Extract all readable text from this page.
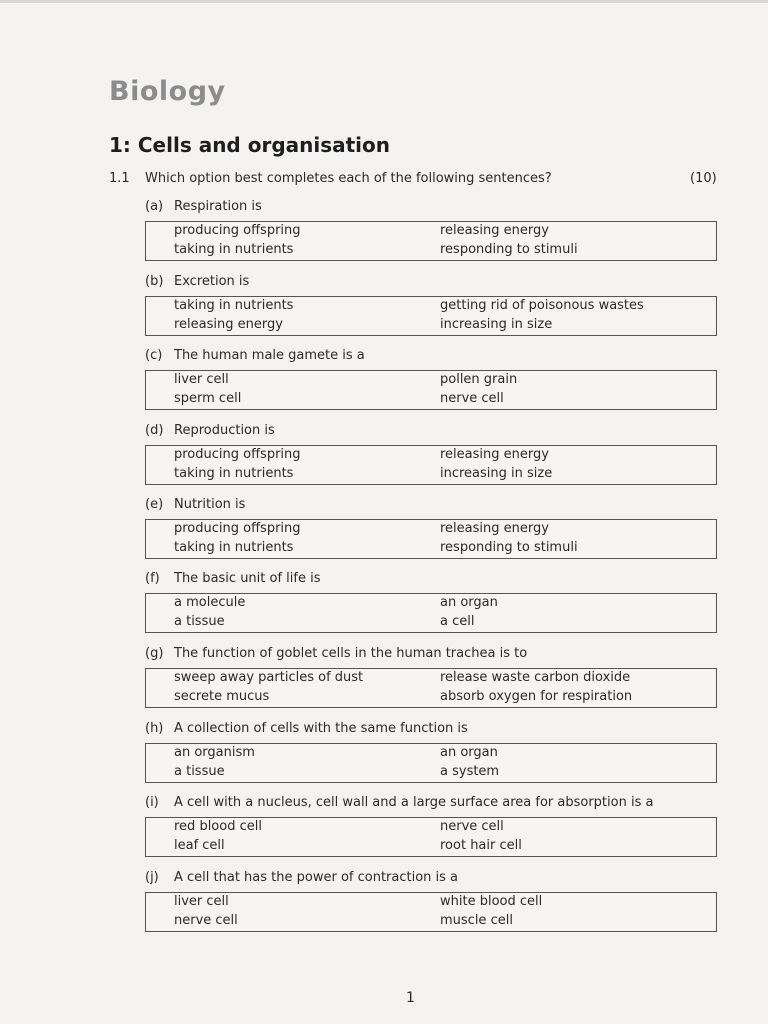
Biology
1: Cells and organisation
1.1 Which option best completes each of the following sentences?	(10)
(a) Respiration is
producing offspring
taking in nutrients
releasing energy
responding to stimuli
(b) Excretion is
taking in nutrients
releasing energy
getting rid of poisonous wastes
increasing in size
(c) The human male gamete is a
liver cell
sperm cell
pollen grain
nerve cell
(d) Reproduction is
producing offspring
taking in nutrients
releasing energy
increasing in size
(e) Nutrition is
producing offspring
taking in nutrients
releasing energy
responding to stimuli
(f) The basic unit of life is
a molecule
a tissue
an organ
a cell
(g) The function of goblet cells in the human trachea is to
sweep away particles of dust
secrete mucus
release waste carbon dioxide
absorb oxygen for respiration
(h) A collection of cells with the same function is
an organism
a tissue
an organ
a system
(i) A cell with a nucleus, cell wall and a large surface area for absorption is a
red blood cell
leaf cell
nerve cell
root hair cell
(j) A cell that has the power of contraction is a
liver cell
nerve cell
white blood cell
muscle cell
1
